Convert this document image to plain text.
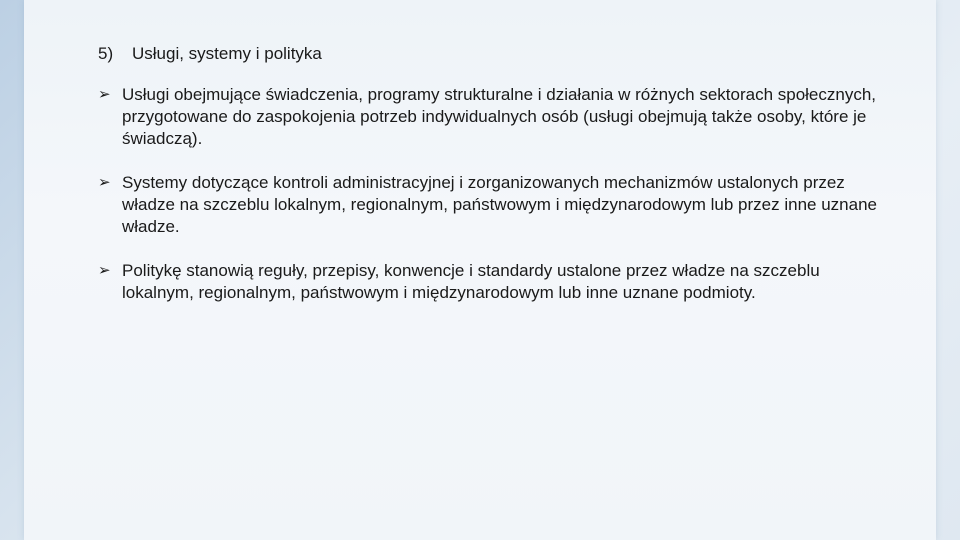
5) Usługi, systemy i polityka
➢ Usługi obejmujące świadczenia, programy strukturalne i działania w różnych sektorach społecznych, przygotowane do zaspokojenia potrzeb indywidualnych osób (usługi obejmują także osoby, które je świadczą).
➢ Systemy dotyczące kontroli administracyjnej i zorganizowanych mechanizmów ustalonych przez władze na szczeblu lokalnym, regionalnym, państwowym i międzynarodowym lub przez inne uznane władze.
➢ Politykę stanowią reguły, przepisy, konwencje i standardy ustalone przez władze na szczeblu lokalnym, regionalnym, państwowym i międzynarodowym lub inne uznane podmioty.
